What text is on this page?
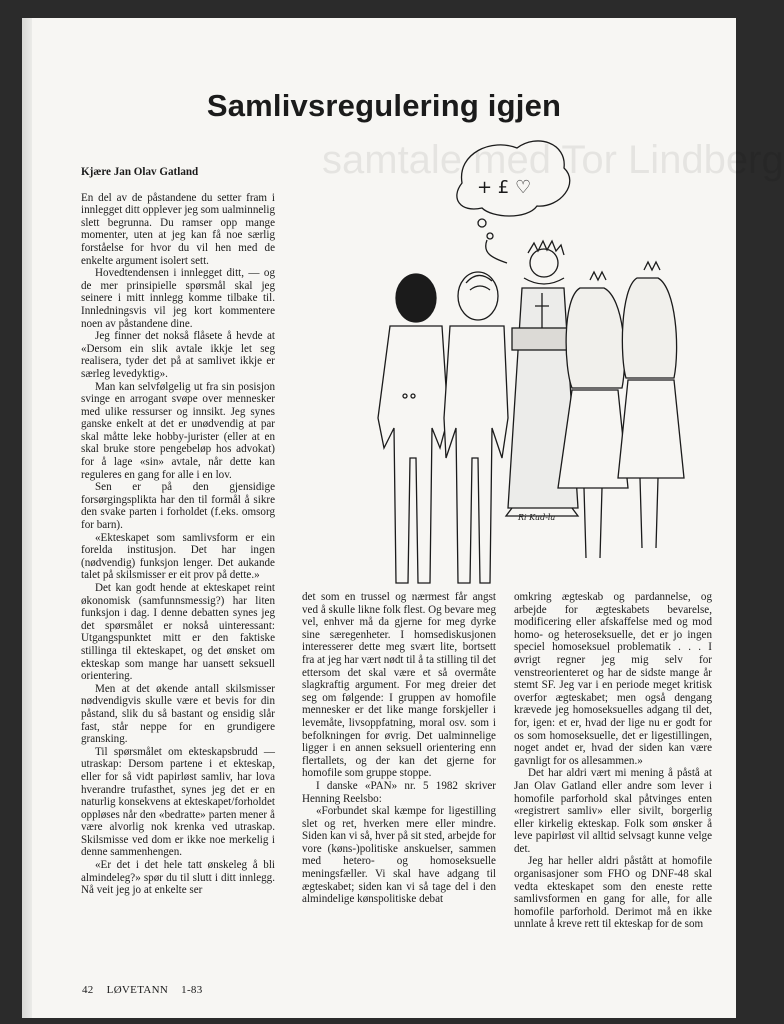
samtale med Tor Lindberg
Samlivsregulering igjen

Kjære Jan Olav Gatland

En del av de påstandene du setter fram i innlegget ditt opplever jeg som ualminnelig slett begrunna. Du ramser opp mange momenter, uten at jeg kan få noe særlig forståelse for hvor du vil hen med de enkelte argument isolert sett.

Hovedtendensen i innlegget ditt, — og de mer prinsipielle spørsmål skal jeg seinere i mitt innlegg komme tilbake til. Innledningsvis vil jeg kort kommentere noen av påstandene dine.

Jeg finner det nokså flåsete å hevde at «Dersom ein slik avtale ikkje let seg realisera, tyder det på at samlivet ikkje er særleg levedyktig».

Man kan selvfølgelig ut fra sin posisjon svinge en arrogant svøpe over mennesker med ulike ressurser og innsikt. Jeg synes ganske enkelt at det er unødvendig at par skal måtte leke hobby-jurister (eller at en skal bruke store pengebeløp hos advokat) for å lage «sin» avtale, når dette kan reguleres en gang for alle i en lov.

Sen er på den gjensidige forsørgingsplikta har den til formål å sikre den svake parten i forholdet (f.eks. omsorg for barn).

«Ekteskapet som samlivsform er ein forelda institusjon. Det har ingen (nødvendig) funksjon lenger. Det aukande talet på skilsmisser er eit prov på dette.»

Det kan godt hende at ekteskapet reint økonomisk (samfunnsmessig?) har liten funksjon i dag. I denne debatten synes jeg det spørsmålet er nokså uinteressant: Utgangspunktet mitt er den faktiske stillinga til ekteskapet, og det ønsket om ekteskap som mange har uansett seksuell orientering.

Men at det økende antall skilsmisser nødvendigvis skulle være et bevis for din påstand, slik du så bastant og ensidig slår fast, står neppe for en grundigere gransking.

Til spørsmålet om ekteskapsbrudd — utraskap: Dersom partene i et ekteskap, eller for så vidt papirløst samliv, har lova hverandre trufasthet, synes jeg det er en naturlig konsekvens at ekteskapet/forholdet oppløses når den «bedratte» parten mener å være alvorlig nok krenka ved utraskap. Skilsmisse ved dom er ikke noe merkelig i denne sammenhengen.

«Er det i det hele tatt ønskeleg å bli almindeleg?» spør du til slutt i ditt innlegg. Nå veit jeg jo at enkelte ser

det som en trussel og nærmest får angst ved å skulle likne folk flest. Og bevare meg vel, enhver må da gjerne for meg dyrke sine særegenheter. I homsediskusjonen interesserer dette meg svært lite, bortsett fra at jeg har vært nødt til å ta stilling til det ettersom det skal være et så overmåte slagkraftig argument. For meg dreier det seg om følgende: I gruppen av homofile mennesker er det like mange forskjeller i levemåte, livsoppfatning, moral osv. som i befolkningen for øvrig. Det ualminnelige ligger i en annen seksuell orientering enn flertallets, og der kan det gjerne for homofile som gruppe stoppe.

I danske «PAN» nr. 5 1982 skriver Henning Reelsbo:

«Forbundet skal kæmpe for ligestilling slet og ret, hverken mere eller mindre. Siden kan vi så, hver på sit sted, arbejde for vore (køns-)politiske anskuelser, sammen med hetero- og homoseksuelle meningsfæller. Vi skal have adgang til ægteskabet; siden kan vi så tage del i den almindelige kønspolitiske debat

omkring ægteskab og pardannelse, og arbejde for ægteskabets bevarelse, modificering eller afskaffelse med og mod homo- og heteroseksuelle, det er jo ingen speciel homoseksuel problematik . . . I øvrigt regner jeg mig selv for venstreorienteret og har de sidste mange år stemt SF. Jeg var i en periode meget kritisk overfor ægteskabet; men også dengang krævede jeg homoseksuelles adgang til det, for, igen: et er, hvad der lige nu er godt for os som homoseksuelle, det er ligestillingen, noget andet er, hvad der siden kan være gavnligt for os allesammen.»

Det har aldri vært mi mening å påstå at Jan Olav Gatland eller andre som lever i homofile parforhold skal påtvinges enten «registrert samliv» eller sivilt, borgerlig eller kirkelig ekteskap. Folk som ønsker å leve papirløst vil alltid selvsagt kunne velge det.

Jeg har heller aldri påstått at homofile organisasjoner som FHO og DNF-48 skal vedta ekteskapet som den eneste rette samlivsformen en gang for alle, for alle homofile parforhold. Derimot må en ikke unnlate å kreve rett til ekteskap for de som

+ £ ♡
Ri Kud-la
42 LØVETANN 1-83
